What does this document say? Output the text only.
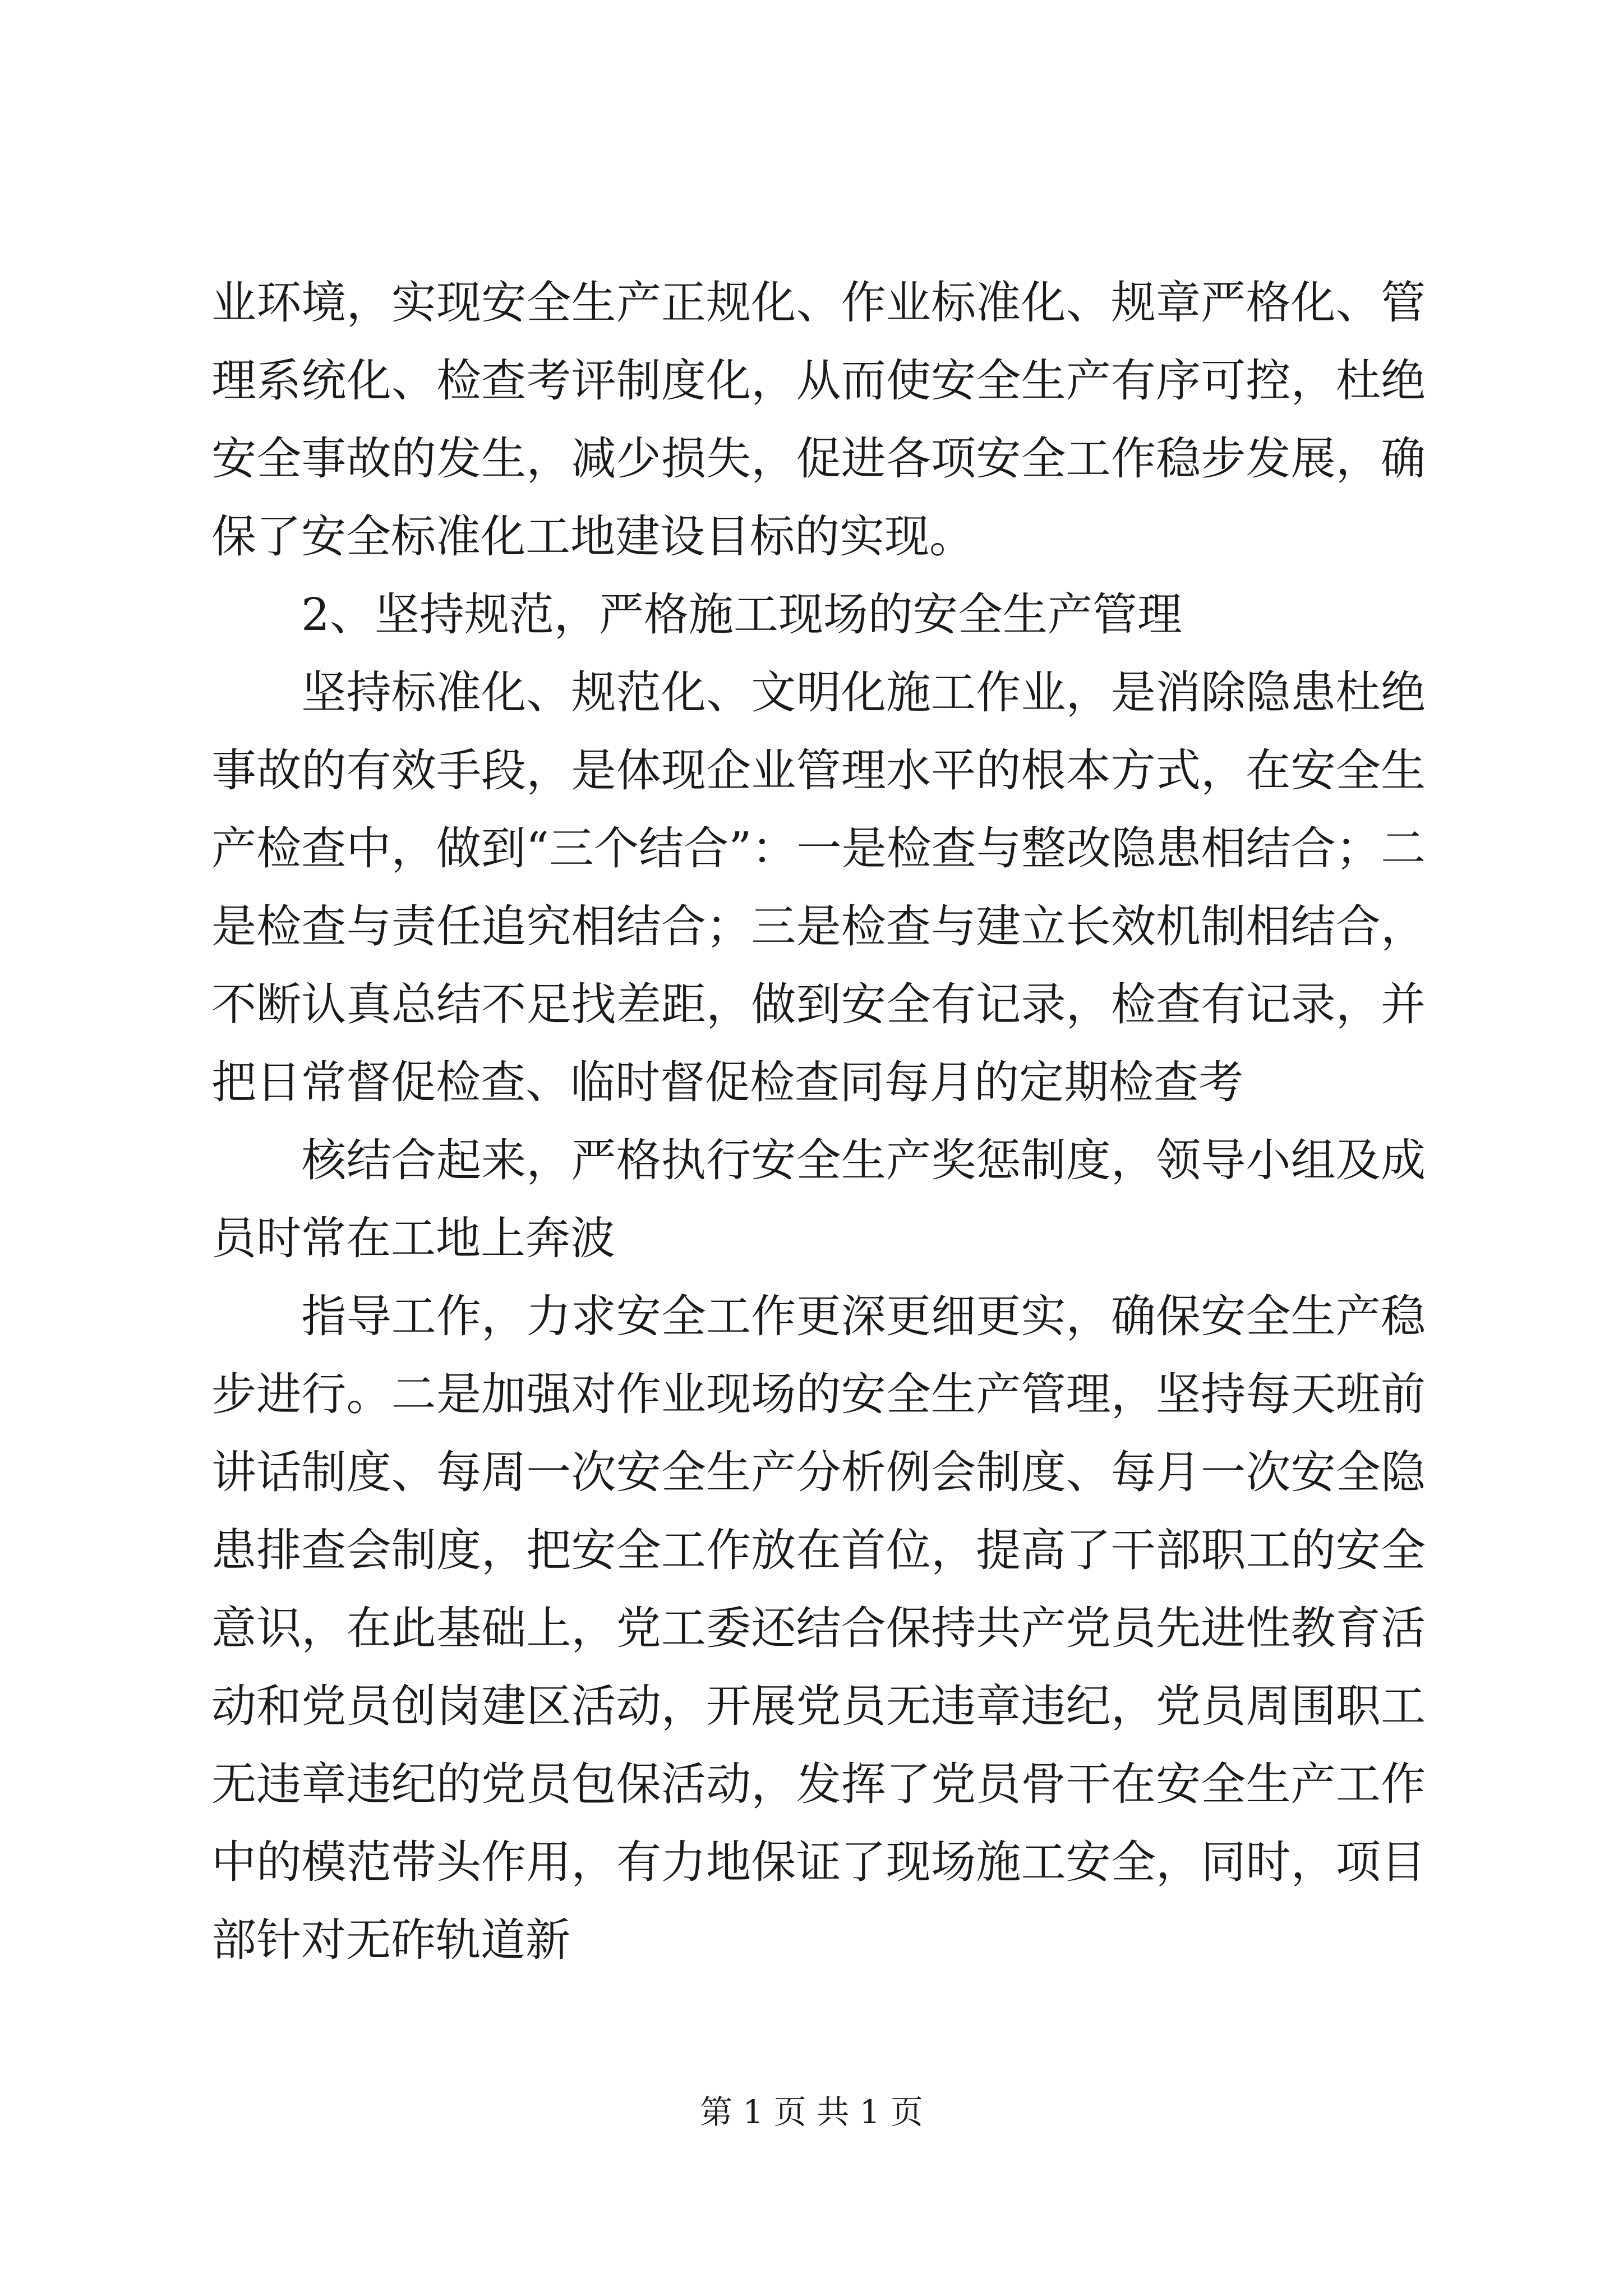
业环境，实现安全生产正规化、作业标准化、规章严格化、管理系统化、检查考评制度化，从而使安全生产有序可控，杜绝安全事故的发生，减少损失，促进各项安全工作稳步发展，确保了安全标准化工地建设目标的实现。

　　2、坚持规范，严格施工现场的安全生产管理

　　坚持标准化、规范化、文明化施工作业，是消除隐患杜绝事故的有效手段，是体现企业管理水平的根本方式，在安全生产检查中，做到“三个结合”：一是检查与整改隐患相结合；二是检查与责任追究相结合；三是检查与建立长效机制相结合，不断认真总结不足找差距，做到安全有记录，检查有记录，并把日常督促检查、临时督促检查同每月的定期检查考

　　核结合起来，严格执行安全生产奖惩制度，领导小组及成员时常在工地上奔波

　　指导工作，力求安全工作更深更细更实，确保安全生产稳步进行。二是加强对作业现场的安全生产管理，坚持每天班前讲话制度、每周一次安全生产分析例会制度、每月一次安全隐患排查会制度，把安全工作放在首位，提高了干部职工的安全意识，在此基础上，党工委还结合保持共产党员先进性教育活动和党员创岗建区活动，开展党员无违章违纪，党员周围职工无违章违纪的党员包保活动，发挥了党员骨干在安全生产工作中的模范带头作用，有力地保证了现场施工安全，同时，项目部针对无砟轨道新

第 1 页 共 1 页
